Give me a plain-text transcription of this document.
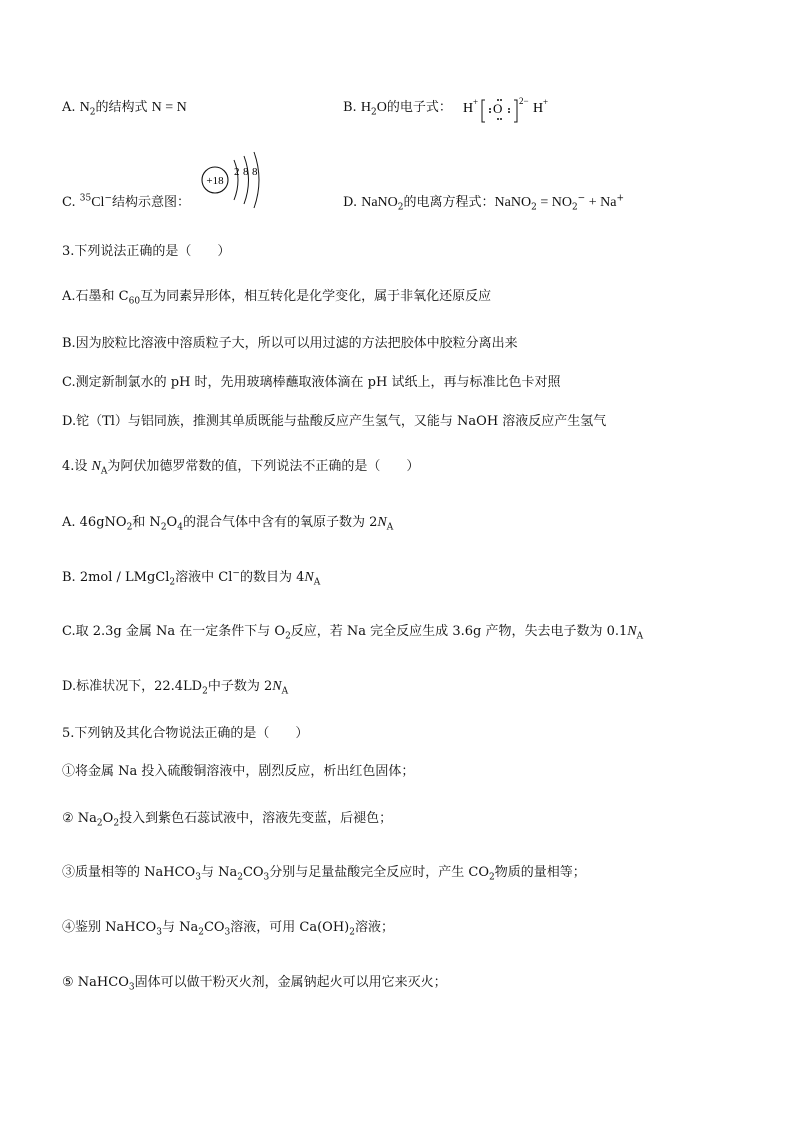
A. $N_2$的结构式 N = N	B. $H_2O$的电子式： H + O 2− H +
C. $^{35}$Cl−结构示意图：
+18
2 8 8
D. NaNO$_2$的电离方程式：NaNO$_2$ = $NO_2^- + Na^+$
3.下列说法正确的是（　　）
A.石墨和 $C_{60}$互为同素异形体，相互转化是化学变化，属于非氧化还原反应
B.因为胶粒比溶液中溶质粒子大，所以可以用过滤的方法把胶体中胶粒分离出来
C.测定新制氯水的 pH 时，先用玻璃棒蘸取液体滴在 pH 试纸上，再与标准比色卡对照
D.铊（Tl）与铝同族，推测其单质既能与盐酸反应产生氢气，又能与 NaOH 溶液反应产生氢气
4.设 $N_A$为阿伏加德罗常数的值，下列说法不正确的是（　　）
A. 46gNO$_2$和 $N_2O_4$的混合气体中含有的氧原子数为 $2N_A$
B. 2mol / LMgCl$_2$溶液中 Cl−的数目为 $4N_A$
C.取 2.3g 金属 Na 在一定条件下与 $O_2$反应，若 Na 完全反应生成 3.6g 产物，失去电子数为 $0.1N_A$
D.标准状况下，$22.4LD_2$中子数为 $2N_A$
5.下列钠及其化合物说法正确的是（　　）
①将金属 Na 投入硫酸铜溶液中，剧烈反应，析出红色固体；
② $Na_2O_2$投入到紫色石蕊试液中，溶液先变蓝，后褪色；
③质量相等的 NaHCO$_3$与 $Na_2CO_3$分别与足量盐酸完全反应时，产生 $CO_2$物质的量相等；
④鉴别 NaHCO$_3$与 $Na_2CO_3$溶液，可用 $Ca(OH)_2$溶液；
⑤ NaHCO$_3$固体可以做干粉灭火剂，金属钠起火可以用它来灭火；
